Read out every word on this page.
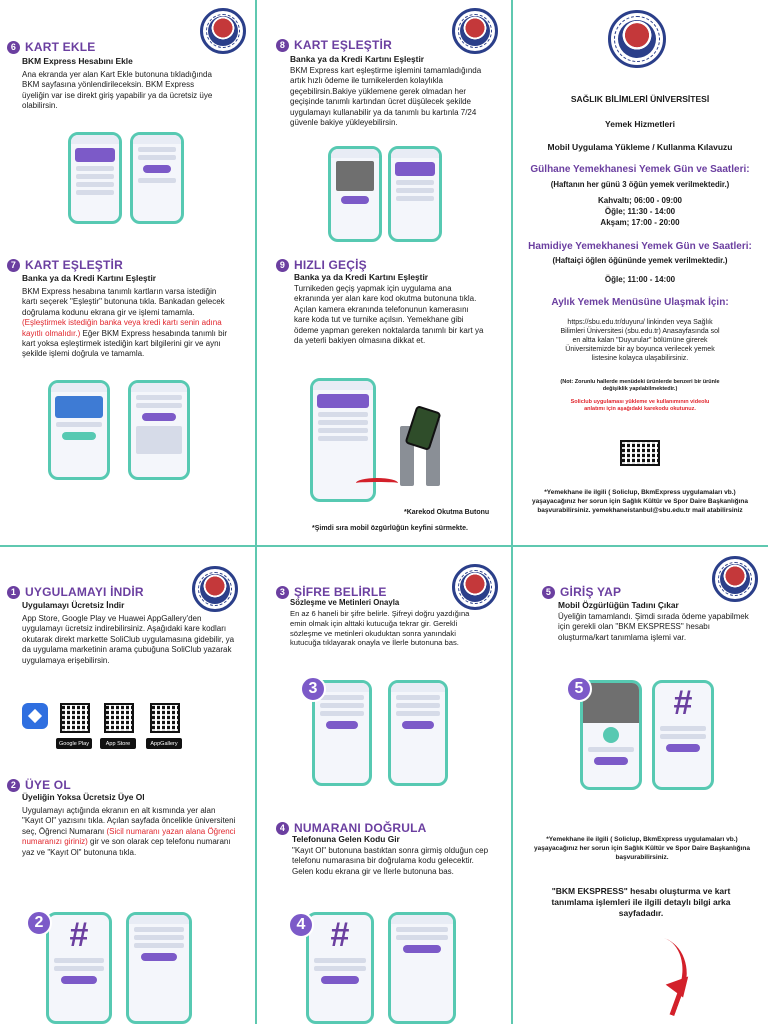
6 KART EKLE
BKM Express Hesabını Ekle
Ana ekranda yer alan Kart Ekle butonuna tıkladığında BKM sayfasına yönlendirileceksin. BKM Express üyeliğin var ise direkt giriş yapabilir ya da ücretsiz üye olabilirsin.
7 KART EŞLEŞTİR
Banka ya da Kredi Kartını Eşleştir
BKM Express hesabına tanımlı kartların varsa istediğin kartı seçerek "Eşleştir" butonuna tıkla. Bankadan gelecek doğrulama kodunu ekrana gir ve işlemi tamamla. (Eşleştirmek istediğin banka veya kredi kartı senin adına kayıtlı olmalıdır.) Eğer BKM Express hesabında tanımlı bir kart yoksa eşleştirmek istediğin kart bilgilerini gir ve aynı şekilde işlemi doğrula ve tamamla.
8 KART EŞLEŞTİR
Banka ya da Kredi Kartını Eşleştir
BKM Express kart eşleştirme işlemini tamamladığında artık hızlı ödeme ile turnikelerden kolaylıkla geçebilirsin.Bakiye yüklemene gerek olmadan her geçişinde tanımlı kartından ücret düşülecek şekilde uygulamayı kullanabilir ya da tanımlı bu kartınla 7/24 güvenle bakiye yükleyebilirsin.
9 HIZLI GEÇİŞ
Banka ya da Kredi Kartını Eşleştir
Turnikeden geçiş yapmak için uygulama ana ekranında yer alan kare kod okutma butonuna tıkla. Açılan kamera ekranında telefonunun kamerasını kare koda tut ve turnike açılsın. Yemekhane gibi ödeme yapman gereken noktalarda tanımlı bir kart ya da yeterli bakiyen olmasına dikkat et.
*Karekod Okutma Butonu
*Şimdi sıra mobil özgürlüğün keyfini sürmekte.
SAĞLIK BİLİMLERİ ÜNİVERSİTESİ
Yemek Hizmetleri
Mobil Uygulama Yükleme / Kullanma Kılavuzu
Gülhane Yemekhanesi Yemek Gün ve Saatleri:
(Haftanın her günü 3 öğün yemek verilmektedir.)
Kahvaltı; 06:00 - 09:00
Öğle; 11:30 - 14:00
Akşam; 17:00 - 20:00
Hamidiye Yemekhanesi Yemek Gün ve Saatleri:
(Haftaiçi öğlen öğününde yemek verilmektedir.)
Öğle; 11:00 - 14:00
Aylık Yemek Menüsüne Ulaşmak İçin:
https://sbu.edu.tr/duyuru/ linkinden veya Sağlık Bilimleri Üniversitesi (sbu.edu.tr) Anasayfasında sol en altta kalan "Duyurular" bölümüne girerek Üniversitemizde bir ay boyunca verilecek yemek listesine kolayca ulaşabilirsiniz.
(Not: Zorunlu hallerde menüdeki ürünlerde benzeri bir ürünle değişiklik yapılabilmektedir.)
Soliclub uygulaması yükleme ve kullanımının videolu anlatımı için aşağıdaki karekodu okutunuz.
*Yemekhane ile ilgili ( Soliclup, BkmExpress uygulamaları vb.) yaşayacağınız her sorun için Sağlık Kültür ve Spor Daire Başkanlığına başvurabilirsiniz. yemekhaneistanbul@sbu.edu.tr mail atabilirsiniz
1 UYGULAMAYI İNDİR
Uygulamayı Ücretsiz İndir
App Store, Google Play ve Huawei AppGallery'den uygulamayı ücretsiz indirebilirsiniz. Aşağıdaki kare kodları okutarak direkt markette SoliClub uygulamasına gidebilir, ya da uygulama marketinin arama çubuğuna SoliClub yazarak uygulamaya erişebilirsin.
Google Play	App Store	AppGallery
2 ÜYE OL
Üyeliğin Yoksa Ücretsiz Üye Ol
Uygulamayı açtığında ekranın en alt kısmında yer alan "Kayıt Ol" yazısını tıkla. Açılan sayfada öncelikle üniversiteni seç, Öğrenci Numaranı (Sicil numaranı yazan alana Öğrenci numaranızı giriniz) gir ve son olarak cep telefonu numaranı yaz ve "Kayıt Ol" butonuna tıkla.
#
2
3 ŞİFRE BELİRLE
Sözleşme ve Metinleri Onayla
En az 6 haneli bir şifre belirle. Şifreyi doğru yazdığına emin olmak için alttaki kutucuğa tekrar gir. Gerekli sözleşme ve metinleri okuduktan sonra yanındaki kutucuğa tıklayarak onayla ve İlerle butonuna bas.
3
4 NUMARANI DOĞRULA
Telefonuna Gelen Kodu Gir
"Kayıt Ol" butonuna bastıktan sonra girmiş olduğun cep telefonu numarasına bir doğrulama kodu gelecektir. Gelen kodu ekrana gir ve İlerle butonuna bas.
#
4
5 GİRİŞ YAP
Mobil Özgürlüğün Tadını Çıkar
Üyeliğin tamamlandı. Şimdi sırada ödeme yapabilmek için gerekli olan "BKM EKSPRESS" hesabı oluşturma/kart tanımlama işlemi var.
#
5
*Yemekhane ile ilgili ( Soliclup, BkmExpress uygulamaları vb.) yaşayacağınız her sorun için Sağlık Kültür ve Spor Daire Başkanlığına başvurabilirsiniz.
"BKM EKSPRESS" hesabı oluşturma ve kart tanımlama işlemleri ile ilgili detaylı bilgi arka sayfadadır.
